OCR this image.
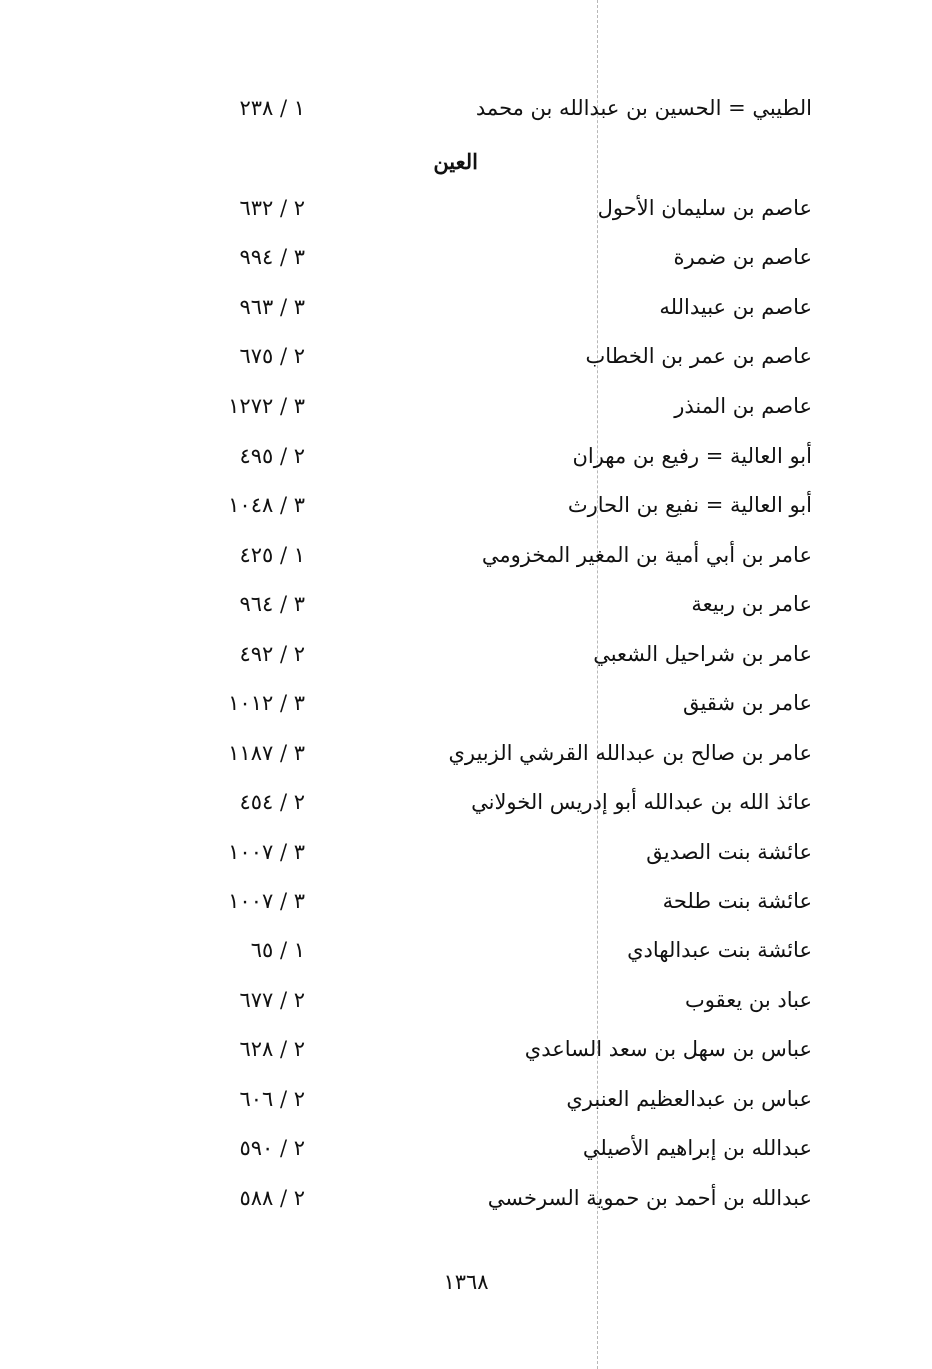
الطيبي = الحسين بن عبدالله بن محمد
١ / ٢٣٨
العين
عاصم بن سليمان الأحول
٢ / ٦٣٢
عاصم بن ضمرة
٣ / ٩٩٤
عاصم بن عبيدالله
٣ / ٩٦٣
عاصم بن عمر بن الخطاب
٢ / ٦٧٥
عاصم بن المنذر
٣ / ١٢٧٢
أبو العالية = رفيع بن مهران
٢ / ٤٩٥
أبو العالية = نفيع بن الحارث
٣ / ١٠٤٨
عامر بن أبي أمية بن المغير المخزومي
١ / ٤٢٥
عامر بن ربيعة
٣ / ٩٦٤
عامر بن شراحيل الشعبي
٢ / ٤٩٢
عامر بن شقيق
٣ / ١٠١٢
عامر بن صالح بن عبدالله القرشي الزبيري
٣ / ١١٨٧
عائذ الله بن عبدالله أبو إدريس الخولاني
٢ / ٤٥٤
عائشة بنت الصديق
٣ / ١٠٠٧
عائشة بنت طلحة
٣ / ١٠٠٧
عائشة بنت عبدالهادي
١ / ٦٥
عباد بن يعقوب
٢ / ٦٧٧
عباس بن سهل بن سعد الساعدي
٢ / ٦٢٨
عباس بن عبدالعظيم العنبري
٢ / ٦٠٦
عبدالله بن إبراهيم الأصيلي
٢ / ٥٩٠
عبدالله بن أحمد بن حموية السرخسي
٢ / ٥٨٨
١٣٦٨
